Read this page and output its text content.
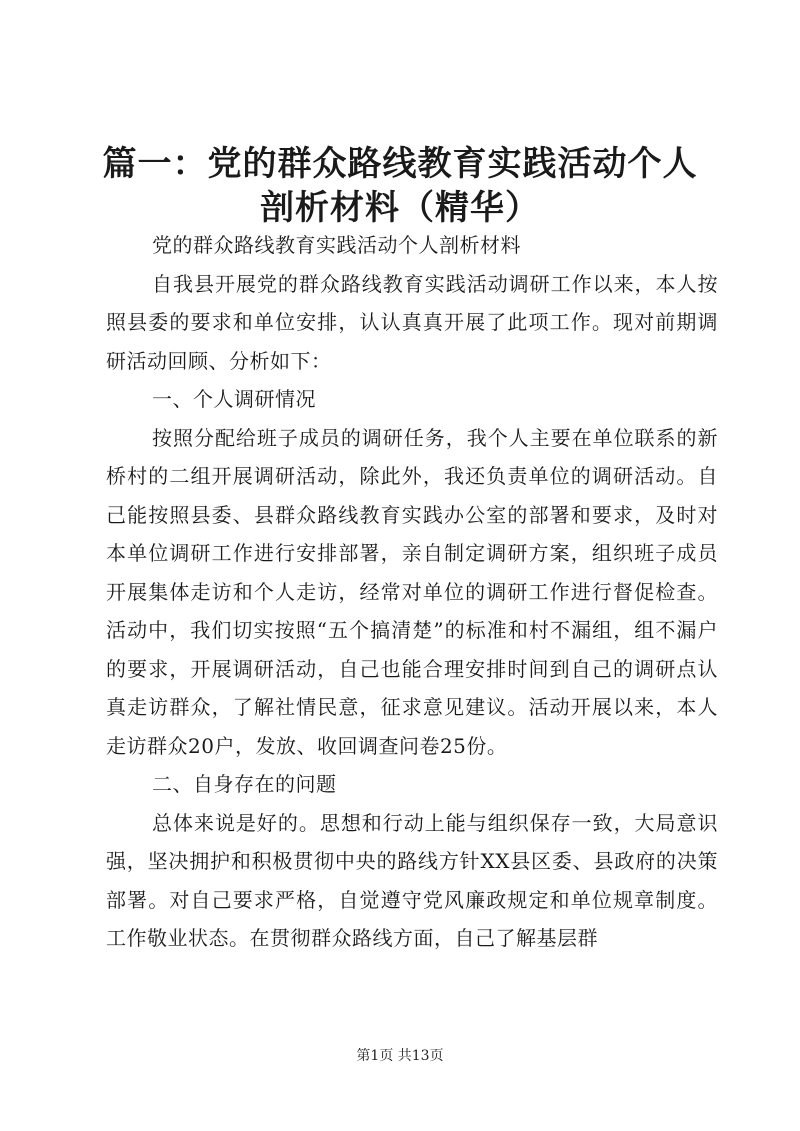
篇一：党的群众路线教育实践活动个人剖析材料（精华）

党的群众路线教育实践活动个人剖析材料

自我县开展党的群众路线教育实践活动调研工作以来，本人按照县委的要求和单位安排，认认真真开展了此项工作。现对前期调研活动回顾、分析如下：

一、个人调研情况

按照分配给班子成员的调研任务，我个人主要在单位联系的新桥村的二组开展调研活动，除此外，我还负责单位的调研活动。自己能按照县委、县群众路线教育实践办公室的部署和要求，及时对本单位调研工作进行安排部署，亲自制定调研方案，组织班子成员开展集体走访和个人走访，经常对单位的调研工作进行督促检查。活动中，我们切实按照“五个搞清楚”的标准和村不漏组，组不漏户的要求，开展调研活动，自己也能合理安排时间到自己的调研点认真走访群众，了解社情民意，征求意见建议。活动开展以来，本人走访群众20户，发放、收回调查问卷25份。

二、自身存在的问题

总体来说是好的。思想和行动上能与组织保存一致，大局意识强，坚决拥护和积极贯彻中央的路线方针XX县区委、县政府的决策部署。对自己要求严格，自觉遵守党风廉政规定和单位规章制度。工作敬业状态。在贯彻群众路线方面，自己了解基层群

第1页 共13页
